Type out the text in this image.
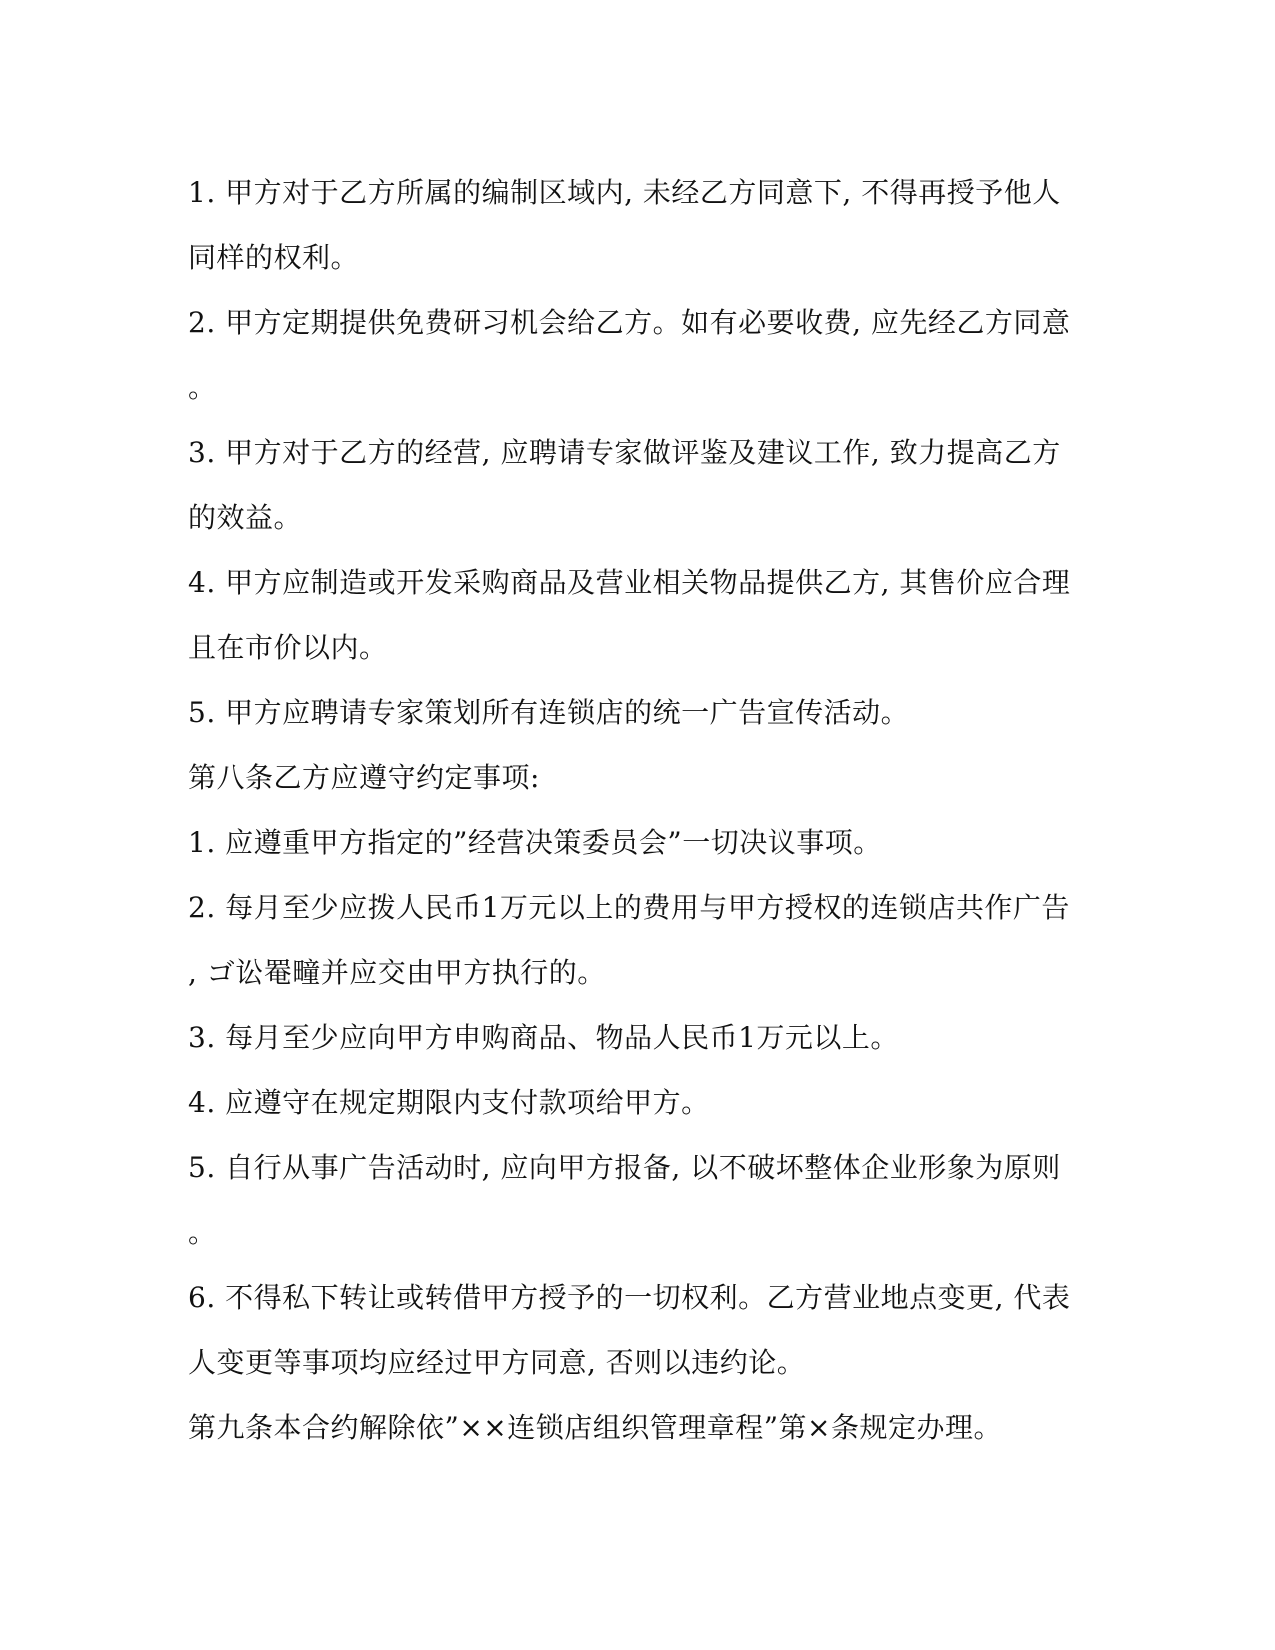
1. 甲方对于乙方所属的编制区域内, 未经乙方同意下, 不得再授予他人
同样的权利。
2. 甲方定期提供免费研习机会给乙方。如有必要收费, 应先经乙方同意
。
3. 甲方对于乙方的经营, 应聘请专家做评鉴及建议工作, 致力提高乙方
的效益。
4. 甲方应制造或开发采购商品及营业相关物品提供乙方, 其售价应合理
且在市价以内。
5. 甲方应聘请专家策划所有连锁店的统一广告宣传活动。
第八条乙方应遵守约定事项:
1. 应遵重甲方指定的”经营决策委员会”一切决议事项。
2. 每月至少应拨人民币1万元以上的费用与甲方授权的连锁店共作广告
, ゴ讼罨疃并应交由甲方执行的。
3. 每月至少应向甲方申购商品、物品人民币1万元以上。
4. 应遵守在规定期限内支付款项给甲方。
5. 自行从事广告活动时, 应向甲方报备, 以不破坏整体企业形象为原则
。
6. 不得私下转让或转借甲方授予的一切权利。乙方营业地点变更, 代表
人变更等事项均应经过甲方同意, 否则以违约论。
第九条本合约解除依”××连锁店组织管理章程”第×条规定办理。
